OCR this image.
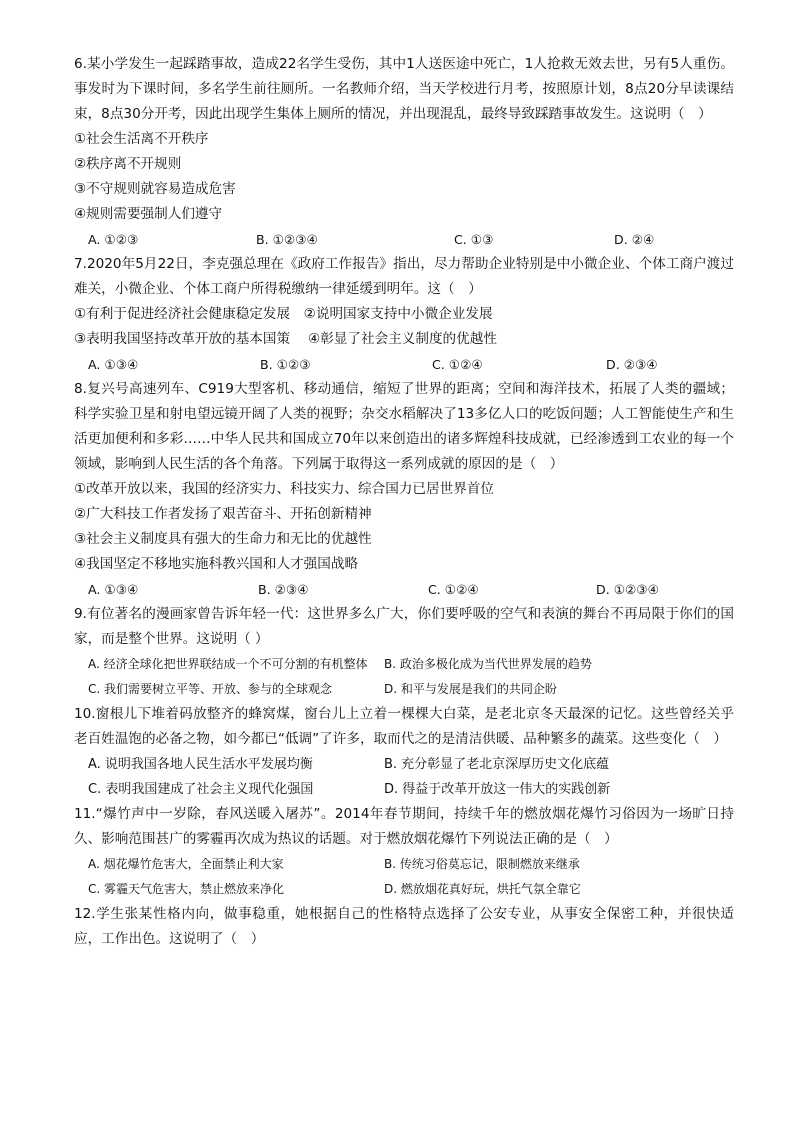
6.某小学发生一起踩踏事故，造成22名学生受伤，其中1人送医途中死亡，1人抢救无效去世，另有5人重伤。事发时为下课时间，多名学生前往厕所。一名教师介绍，当天学校进行月考，按照原计划，8点20分早读课结束，8点30分开考，因此出现学生集体上厕所的情况，并出现混乱，最终导致踩踏事故发生。这说明（　）

①社会生活离不开秩序

②秩序离不开规则

③不守规则就容易造成危害

④规则需要强制人们遵守

A. ①②③	B. ①②③④	C. ①③	D. ②④

7.2020年5月22日，李克强总理在《政府工作报告》指出，尽力帮助企业特别是中小微企业、个体工商户渡过难关，小微企业、个体工商户所得税缴纳一律延缓到明年。这（　）

①有利于促进经济社会健康稳定发展　②说明国家支持中小微企业发展

③表明我国坚持改革开放的基本国策　 ④彰显了社会主义制度的优越性

A. ①③④	B. ①②③	C. ①②④	D. ②③④

8.复兴号高速列车、C919大型客机、移动通信，缩短了世界的距离；空间和海洋技术，拓展了人类的疆域；科学实验卫星和射电望远镜开阔了人类的视野；杂交水稻解决了13多亿人口的吃饭问题；人工智能使生产和生活更加便利和多彩……中华人民共和国成立70年以来创造出的诸多辉煌科技成就，已经渗透到工农业的每一个领域，影响到人民生活的各个角落。下列属于取得这一系列成就的原因的是（　）

①改革开放以来，我国的经济实力、科技实力、综合国力已居世界首位

②广大科技工作者发扬了艰苦奋斗、开拓创新精神

③社会主义制度具有强大的生命力和无比的优越性

④我国坚定不移地实施科教兴国和人才强国战略

A. ①③④	B. ②③④	C. ①②④	D. ①②③④

9.有位著名的漫画家曾告诉年轻一代：这世界多么广大，你们要呼吸的空气和表演的舞台不再局限于你们的国家，而是整个世界。这说明（ ）

A. 经济全球化把世界联结成一个不可分割的有机整体	B. 政治多极化成为当代世界发展的趋势
C. 我们需要树立平等、开放、参与的全球观念	D. 和平与发展是我们的共同企盼

10.窗根儿下堆着码放整齐的蜂窝煤，窗台儿上立着一棵棵大白菜，是老北京冬天最深的记忆。这些曾经关乎老百姓温饱的必备之物，如今都已“低调”了许多，取而代之的是清洁供暖、品种繁多的蔬菜。这些变化（　）

A. 说明我国各地人民生活水平发展均衡	B. 充分彰显了老北京深厚历史文化底蕴
C. 表明我国建成了社会主义现代化强国	D. 得益于改革开放这一伟大的实践创新

11.“爆竹声中一岁除，春风送暖入屠苏”。2014年春节期间，持续千年的燃放烟花爆竹习俗因为一场旷日持久、影响范围甚广的雾霾再次成为热议的话题。对于燃放烟花爆竹下列说法正确的是（　）

A. 烟花爆竹危害大，全面禁止利大家	B. 传统习俗莫忘记，限制燃放来继承
C. 雾霾天气危害大，禁止燃放来净化	D. 燃放烟花真好玩，烘托气氛全靠它

12.学生张某性格内向，做事稳重，她根据自己的性格特点选择了公安专业，从事安全保密工种，并很快适应，工作出色。这说明了（　）
